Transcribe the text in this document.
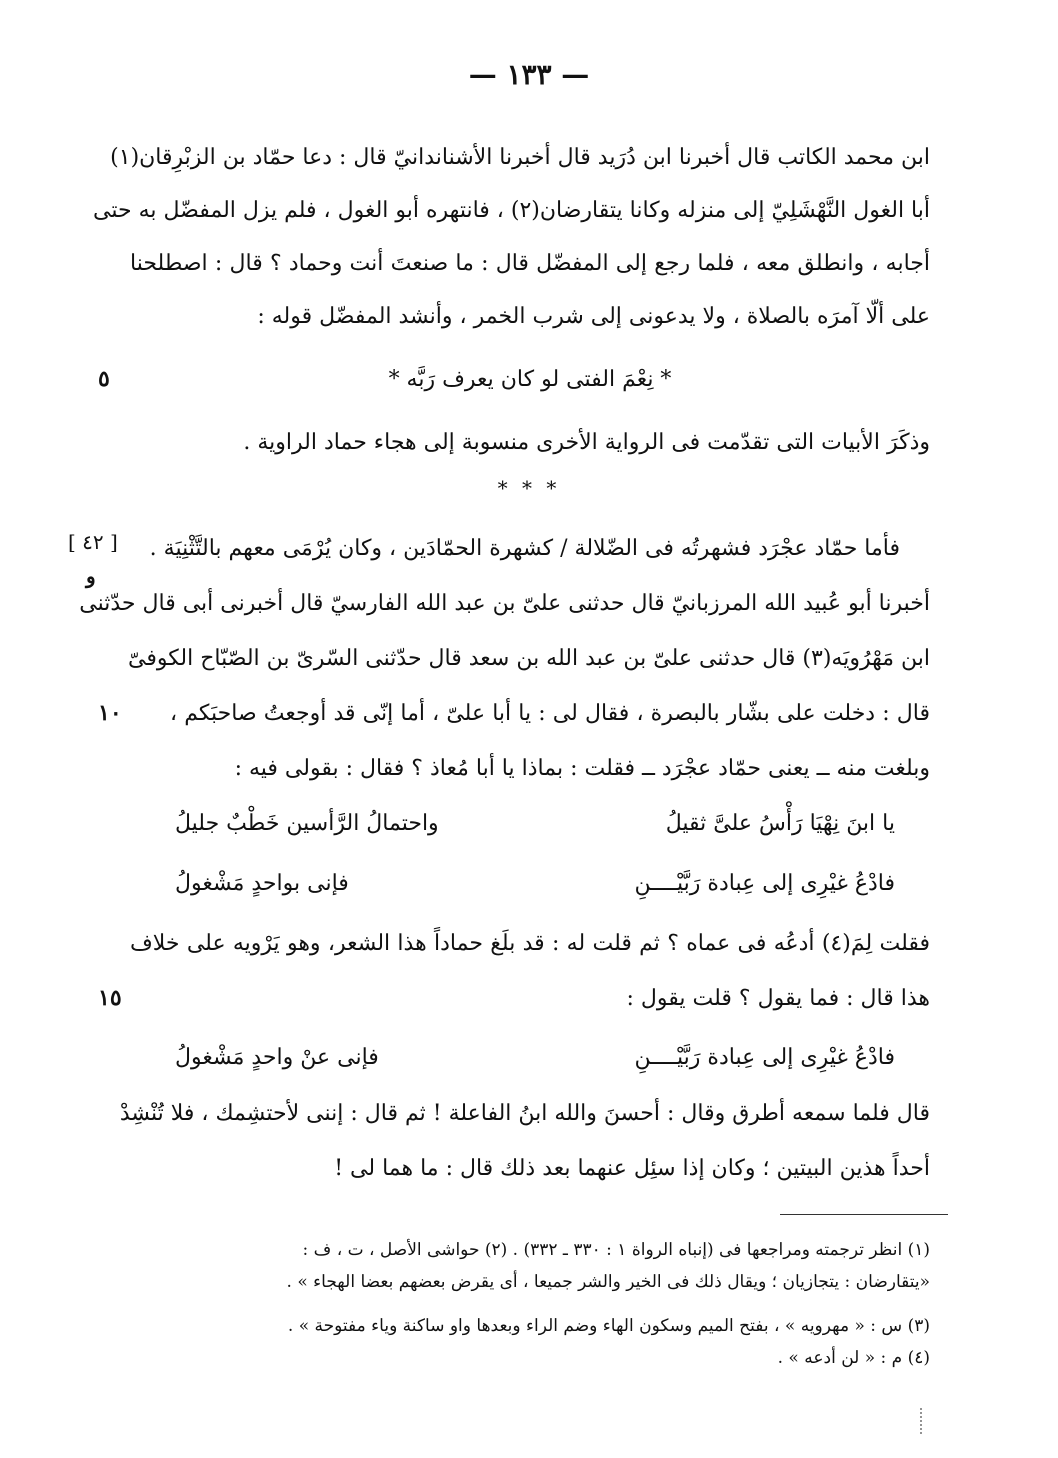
— ١٣٣ —
ابن محمد الكاتب قال أخبرنا ابن دُرَيد قال أخبرنا الأشناندانيّ قال : دعا حمّاد بن الزبْرِقان(١)
أبا الغول النَّهْشَلِيّ إلى منزله وكانا يتقارضان(٢) ، فانتهره أبو الغول ، فلم يزل المفضّل به حتى
أجابه ، وانطلق معه ، فلما رجع إلى المفضّل قال : ما صنعتَ أنت وحماد ؟ قال : اصطلحنا
على ألّا آمرَه بالصلاة ، ولا يدعونى إلى شرب الخمر ، وأنشد المفضّل قوله :
* نِعْمَ الفتى لو كان يعرف رَبَّه *
٥
وذكَرَ الأبيات التى تقدّمت فى الرواية الأخرى منسوبة إلى هجاء حماد الراوية .
* * *
[ ٤٢ ]
و
فأما حمّاد عجْرَد فشهرتُه فى الضّلالة / كشهرة الحمّادَين ، وكان يُرْمَى معهم بالتَّثْنِيَة .
أخبرنا أبو عُبيد الله المرزبانيّ قال حدثنى علىّ بن عبد الله الفارسيّ قال أخبرنى أبى قال حدّثنى
ابن مَهْرُويَه(٣) قال حدثنى علىّ بن عبد الله بن سعد قال حدّثنى السّرىّ بن الصّبّاح الكوفىّ
قال : دخلت على بشّار بالبصرة ، فقال لى : يا أبا علىّ ، أما إنّى قد أوجعتُ صاحبَكم ،
١٠
وبلغت منه ــ يعنى حمّاد عجْرَد ــ فقلت : بماذا يا أبا مُعاذ ؟ فقال : بقولى فيه :
يا ابنَ نِهْيَا رَأْسُ علىَّ ثقيلُ
واحتمالُ الرَّأسين خَطْبٌ جليلُ
فادْعُ غيْرِى إلى عِبادة رَبَّيْــــنِ
فإنى بواحدٍ مَشْغولُ
فقلت لِمَ(٤) أدعُه فى عماه ؟ ثم قلت له : قد بلَغ حماداً هذا الشعر، وهو يَرْويه على خلاف
هذا قال : فما يقول ؟ قلت يقول :
١٥
فادْعُ غيْرِى إلى عِبادة رَبَّيْــــنِ
فإنى عنْ واحدٍ مَشْغولُ
قال فلما سمعه أطرق وقال : أحسنَ والله ابنُ الفاعلة ! ثم قال : إننى لأحتشِمك ، فلا تُنْشِدْ
أحداً هذين البيتين ؛ وكان إذا سئِل عنهما بعد ذلك قال : ما هما لى !
(١) انظر ترجمته ومراجعها فى (إنباه الرواة ١ : ٣٣٠ ـ ٣٣٢) . (٢) حواشى الأصل ، ت ، ف :
«يتقارضان : يتجازيان ؛ ويقال ذلك فى الخير والشر جميعا ، أى يقرض بعضهم بعضا الهجاء » .
(٣) س : « مهرويه » ، بفتح الميم وسكون الهاء وضم الراء وبعدها واو ساكنة وياء مفتوحة » .
(٤) م : « لن أدعه » .
